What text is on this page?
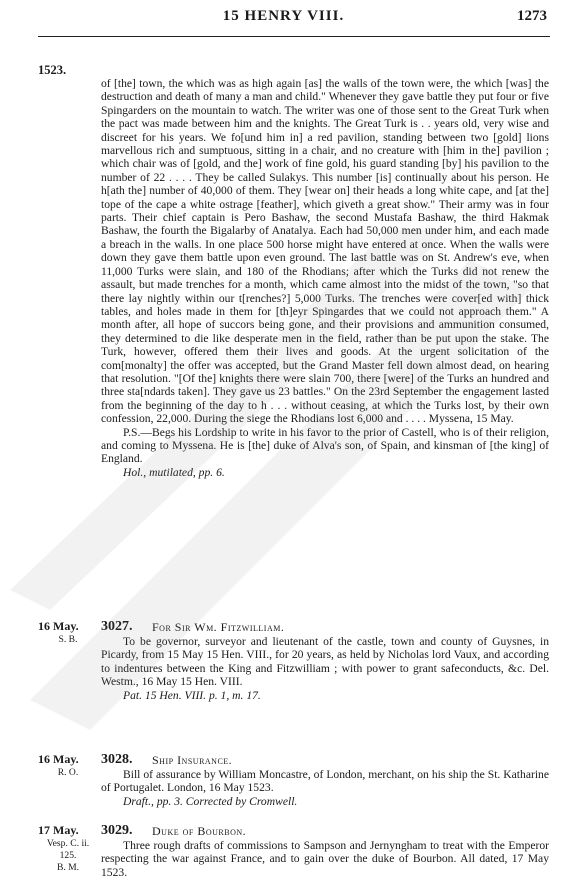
15 HENRY VIII.	1273
1523.

of [the] town, the which was as high again [as] the walls of the town were, the which [was] the destruction and death of many a man and child." Whenever they gave battle they put four or five Spingarders on the mountain to watch. The writer was one of those sent to the Great Turk when the pact was made between him and the knights. The Great Turk is . . years old, very wise and discreet for his years. We fo[und him in] a red pavilion, standing between two [gold] lions marvellous rich and sumptuous, sitting in a chair, and no creature with [him in the] pavilion ; which chair was of [gold, and the] work of fine gold, his guard standing [by] his pavilion to the number of 22 . . . . They be called Sulakys. This number [is] continually about his person. He h[ath the] number of 40,000 of them. They [wear on] their heads a long white cape, and [at the] tope of the cape a white ostrage [feather], which giveth a great show." Their army was in four parts. Their chief captain is Pero Bashaw, the second Mustafa Bashaw, the third Hakmak Bashaw, the fourth the Bigalarby of Anatalya. Each had 50,000 men under him, and each made a breach in the walls. In one place 500 horse might have entered at once. When the walls were down they gave them battle upon even ground. The last battle was on St. Andrew's eve, when 11,000 Turks were slain, and 180 of the Rhodians; after which the Turks did not renew the assault, but made trenches for a month, which came almost into the midst of the town, "so that there lay nightly within our t[renches?] 5,000 Turks. The trenches were cover[ed with] thick tables, and holes made in them for [th]eyr Spingardes that we could not approach them." A month after, all hope of succors being gone, and their provisions and ammunition consumed, they determined to die like desperate men in the field, rather than be put upon the stake. The Turk, however, offered them their lives and goods. At the urgent solicitation of the com[monalty] the offer was accepted, but the Grand Master fell down almost dead, on hearing that resolution. "[Of the] knights there were slain 700, there [were] of the Turks an hundred and three sta[ndards taken]. They gave us 23 battles." On the 23rd September the engagement lasted from the beginning of the day to h . . . without ceasing, at which the Turks lost, by their own confession, 22,000. During the siege the Rhodians lost 6,000 and . . . . Myssena, 15 May.

P.S.—Begs his Lordship to write in his favor to the prior of Castell, who is of their religion, and coming to Myssena. He is [the] duke of Alva's son, of Spain, and kinsman of [the king] of England.

Hol., mutilated, pp. 6.

16 May.
S. B.
3027. For Sir Wm. Fitzwilliam.

To be governor, surveyor and lieutenant of the castle, town and county of Guysnes, in Picardy, from 15 May 15 Hen. VIII., for 20 years, as held by Nicholas lord Vaux, and according to indentures between the King and Fitzwilliam ; with power to grant safeconducts, &c. Del. Westm., 16 May 15 Hen. VIII.

Pat. 15 Hen. VIII. p. 1, m. 17.

16 May.
R. O.
3028. Ship Insurance.

Bill of assurance by William Moncastre, of London, merchant, on his ship the St. Katharine of Portugalet. London, 16 May 1523.

Draft., pp. 3. Corrected by Cromwell.

17 May.
Vesp. C. ii.
125.
B. M.
3029. Duke of Bourbon.

Three rough drafts of commissions to Sampson and Jernyngham to treat with the Emperor respecting the war against France, and to gain over the duke of Bourbon. All dated, 17 May 1523.
